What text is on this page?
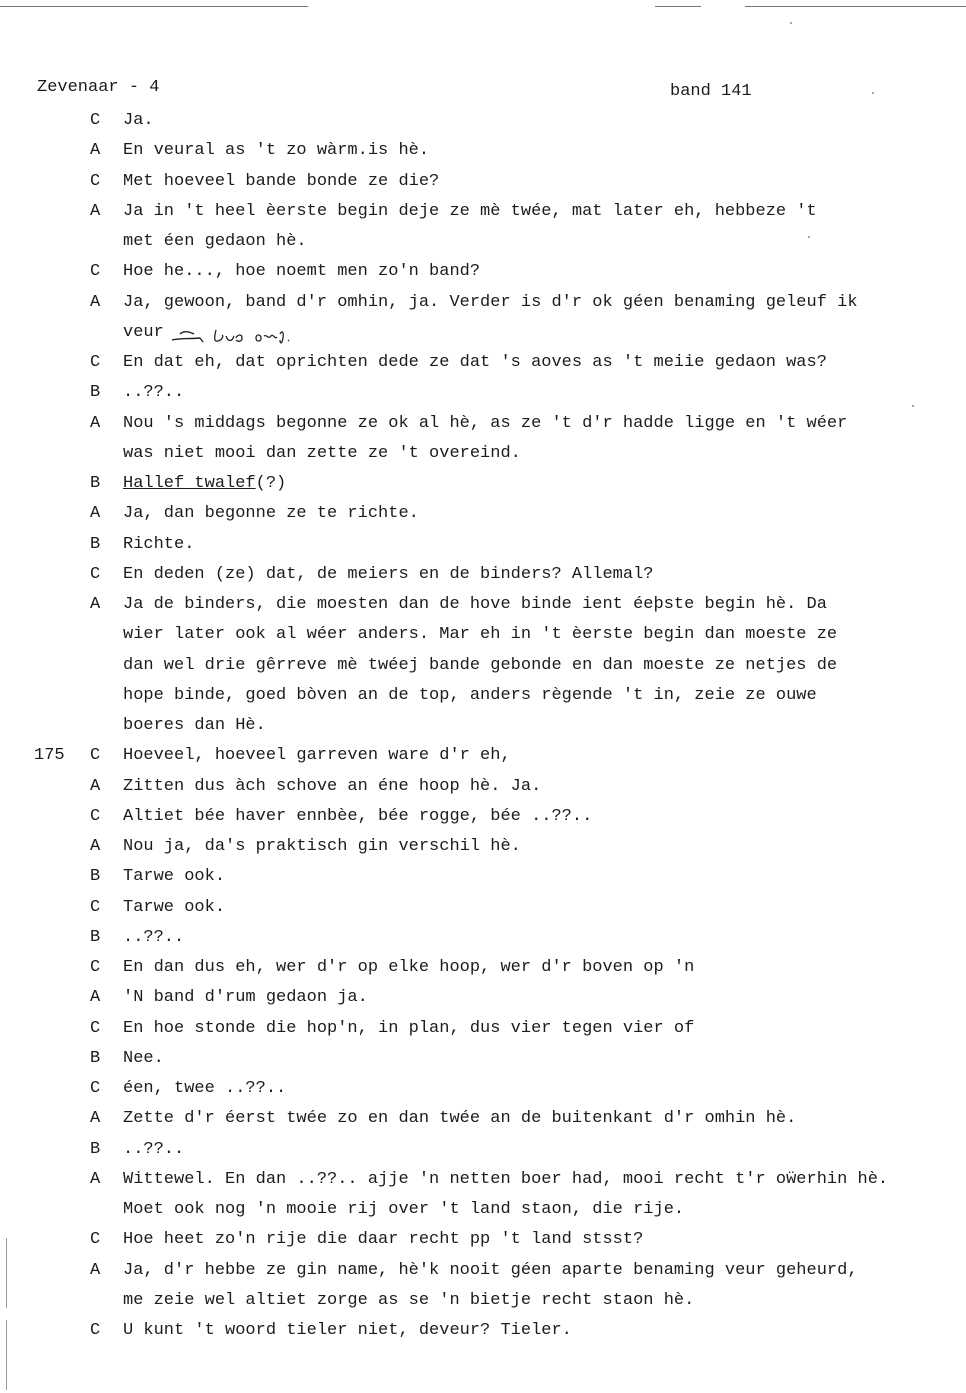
Zevenaar - 4	band 141
C	Ja.
A	En veural as 't zo wàrm.is hè.
C	Met hoeveel bande bonde ze die?
A	Ja in 't heel èerste begin deje ze mè twée, mat later eh, hebbeze 't
met éen gedaon hè.
C	Hoe he..., hoe noemt men zo'n band?
A	Ja, gewoon, band d'r omhin, ja. Verder is d'r ok géen benaming geleuf ik
veur
C	En dat eh, dat oprichten dede ze dat 's aoves as 't meiie gedaon was?
B	..??..
A	Nou 's middags begonne ze ok al hè, as ze 't d'r hadde ligge en 't wéer
was niet mooi dan zette ze 't overeind.
B	Hallef twalef(?)
A	Ja, dan begonne ze te richte.
B	Richte.
C	En deden (ze) dat, de meiers en de binders? Allemal?
A	Ja de binders, die moesten dan de hove binde ient éeþste begin hè. Da
wier later ook al wéer anders. Mar eh in 't èerste begin dan moeste ze
dan wel drie gêrreve mè twéej bande gebonde en dan moeste ze netjes de
hope binde, goed bòven an de top, anders règende 't in, zeie ze ouwe
boeres dan Hè.
175	C	Hoeveel, hoeveel garreven ware d'r eh,
A	Zitten dus àch schove an éne hoop hè. Ja.
C	Altiet bée haver ennbèe, bée rogge, bée ..??..
A	Nou ja, da's praktisch gin verschil hè.
B	Tarwe ook.
C	Tarwe ook.
B	..??..
C	En dan dus eh, wer d'r op elke hoop, wer d'r boven op 'n
A	'N band d'rum gedaon ja.
C	En hoe stonde die hop'n, in plan, dus vier tegen vier of
B	Nee.
C	éen, twee ..??..
A	Zette d'r éerst twée zo en dan twée an de buitenkant d'r omhin hè.
B	..??..
A	Wittewel. En dan ..??.. ajje 'n netten boer had, mooi recht t'r oẅerhin hè.
Moet ook nog 'n mooie rij over 't land staon, die rije.
C	Hoe heet zo'n rije die daar recht pp 't land stsst?
A	Ja, d'r hebbe ze gin name, hè'k nooit géen aparte benaming veur geheurd,
me zeie wel altiet zorge as se 'n bietje recht staon hè.
C	U kunt 't woord tieler niet, deveur? Tieler.
